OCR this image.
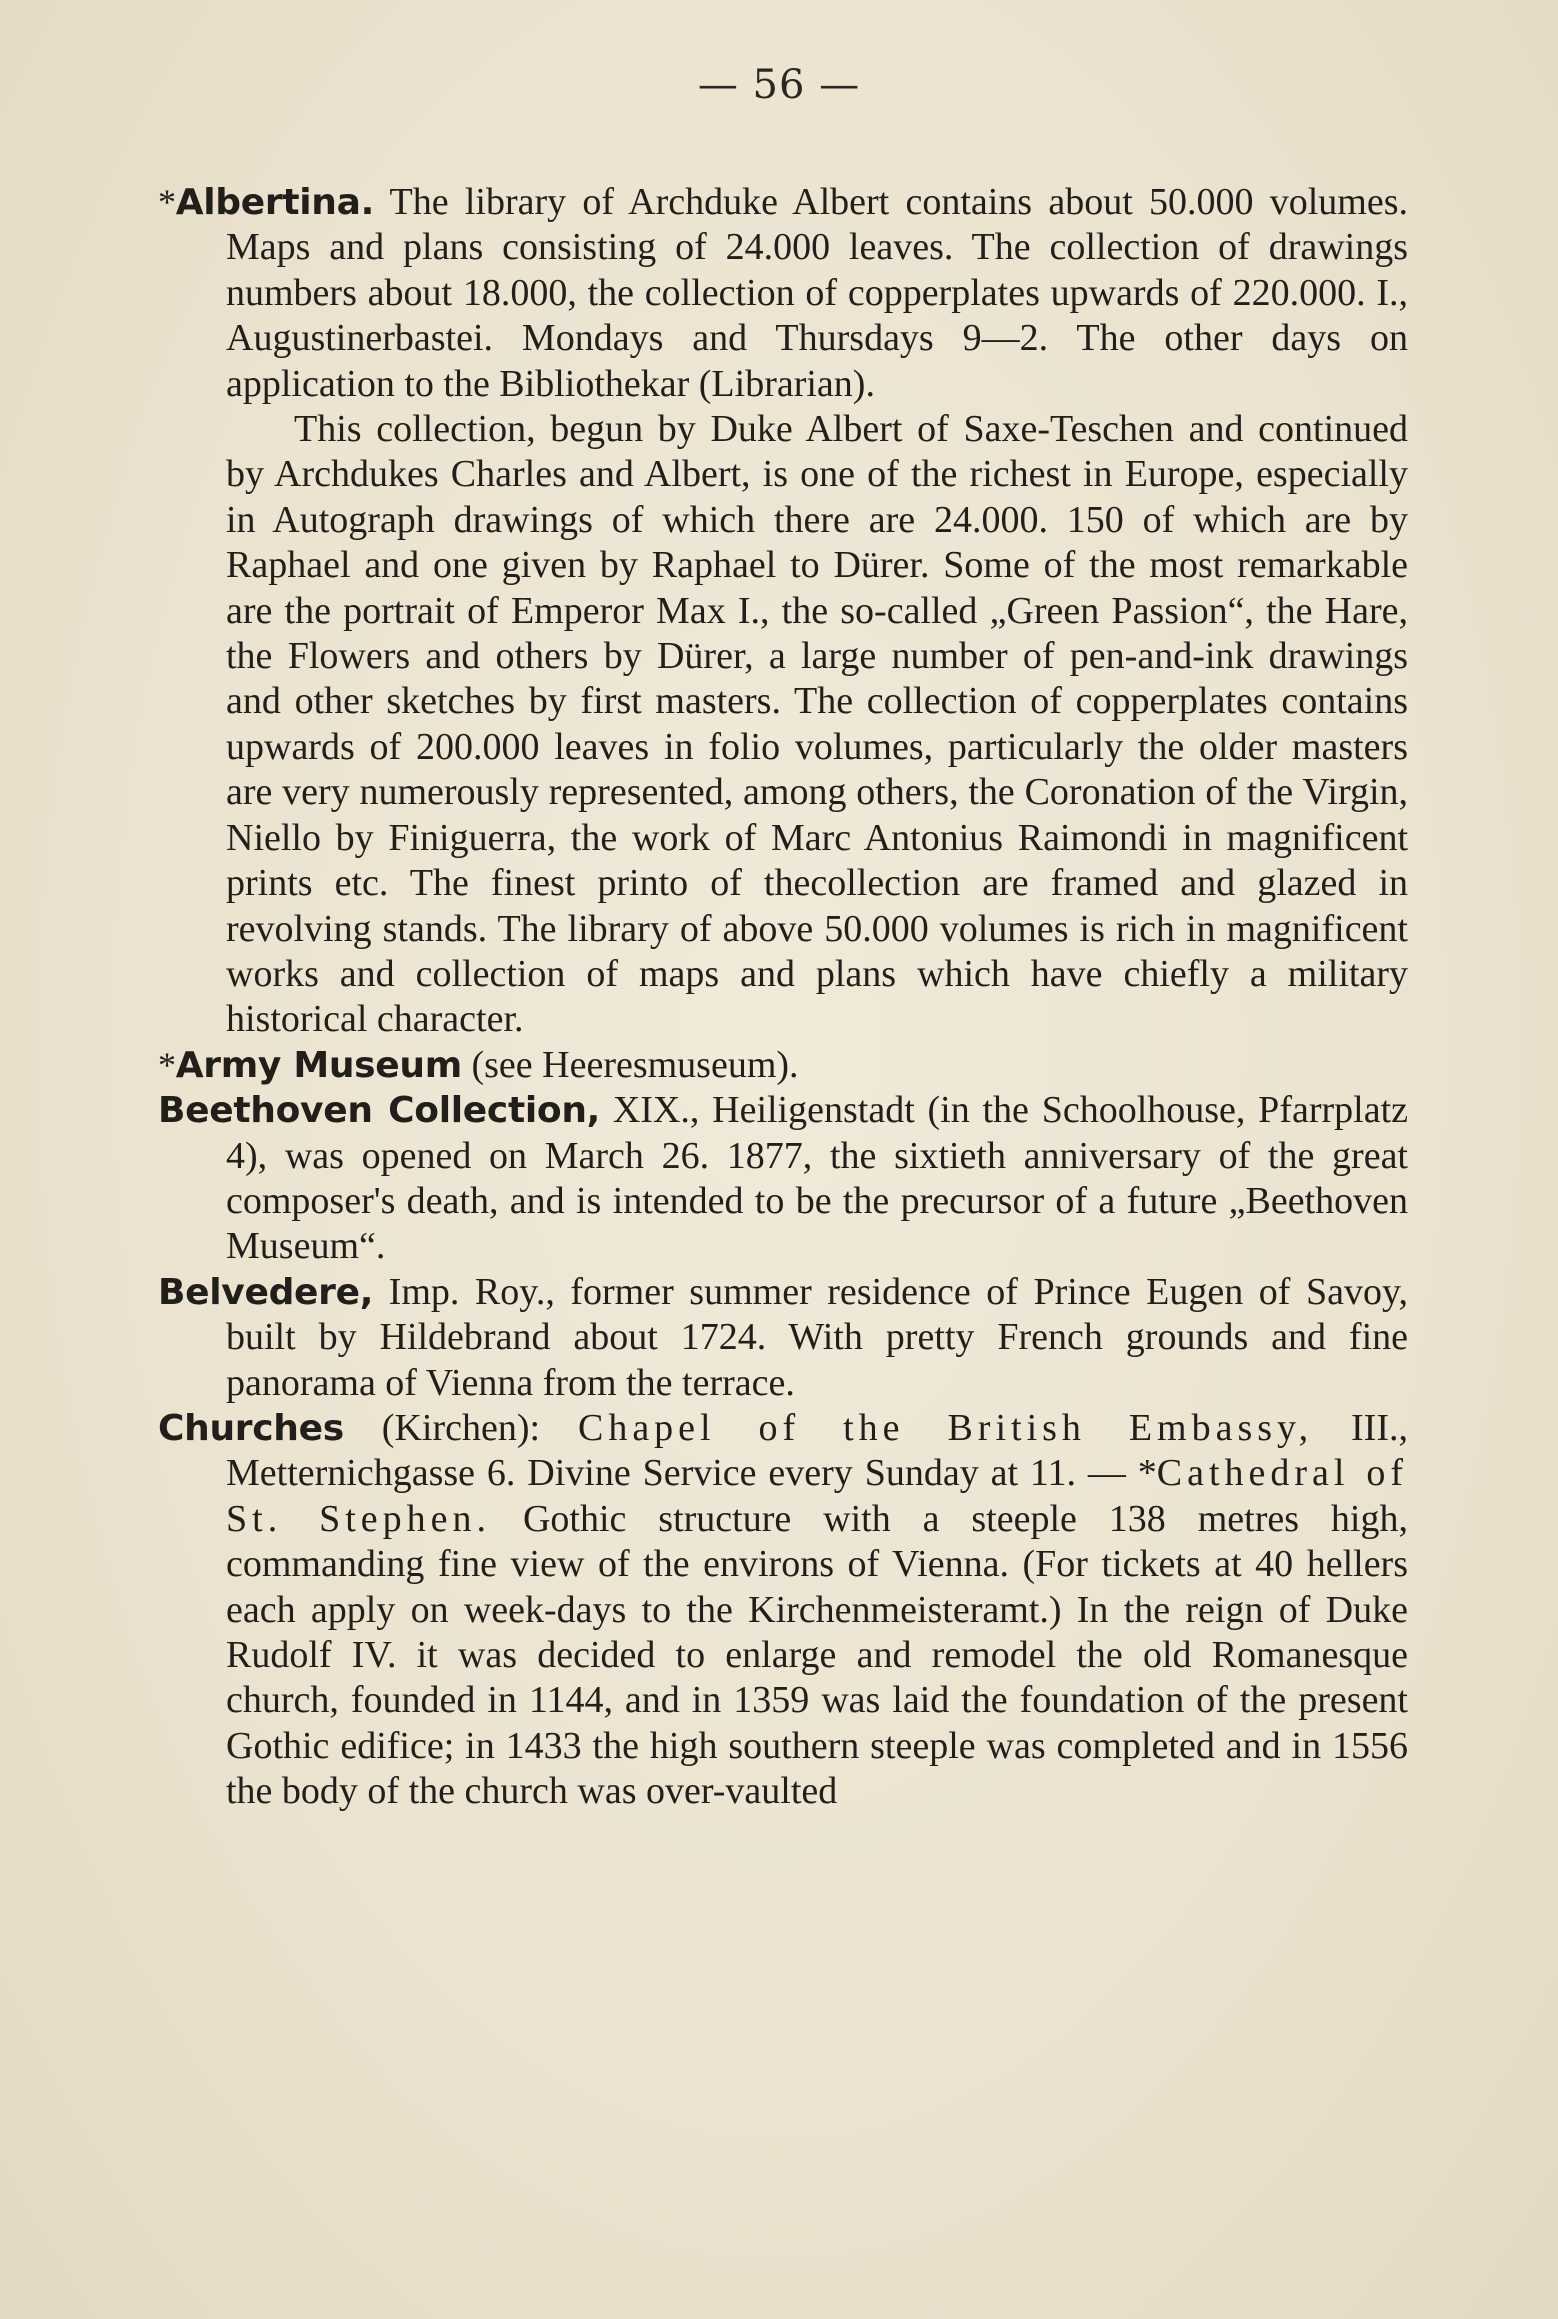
— 56 —

*Albertina. The library of Archduke Albert contains about 50.000 volumes. Maps and plans consisting of 24.000 leaves. The collection of drawings numbers about 18.000, the collection of copperplates upwards of 220.000. I., Augustinerbastei. Mondays and Thursdays 9—2. The other days on application to the Bibliothekar (Librarian).

This collection, begun by Duke Albert of Saxe-Teschen and continued by Archdukes Charles and Albert, is one of the richest in Europe, especially in Autograph drawings of which there are 24.000. 150 of which are by Raphael and one given by Raphael to Dürer. Some of the most remarkable are the portrait of Emperor Max I., the so-called „Green Passion“, the Hare, the Flowers and others by Dürer, a large number of pen-and-ink drawings and other sketches by first masters. The collection of copperplates contains upwards of 200.000 leaves in folio volumes, particularly the older masters are very numerously represented, among others, the Coronation of the Virgin, Niello by Finiguerra, the work of Marc Antonius Raimondi in magnificent prints etc. The finest printo of thecollection are framed and glazed in revolving stands. The library of above 50.000 volumes is rich in magnificent works and collection of maps and plans which have chiefly a military historical character.

*Army Museum (see Heeresmuseum).

Beethoven Collection, XIX., Heiligenstadt (in the Schoolhouse, Pfarrplatz 4), was opened on March 26. 1877, the sixtieth anniversary of the great composer's death, and is intended to be the precursor of a future „Beethoven Museum“.

Belvedere, Imp. Roy., former summer residence of Prince Eugen of Savoy, built by Hildebrand about 1724. With pretty French grounds and fine panorama of Vienna from the terrace.

Churches (Kirchen): Chapel of the British Embassy, III., Metternichgasse 6. Divine Service every Sunday at 11. — *Cathedral of St. Stephen. Gothic structure with a steeple 138 metres high, commanding fine view of the environs of Vienna. (For tickets at 40 hellers each apply on week-days to the Kirchenmeisteramt.) In the reign of Duke Rudolf IV. it was decided to enlarge and remodel the old Romanesque church, founded in 1144, and in 1359 was laid the foundation of the present Gothic edifice; in 1433 the high southern steeple was completed and in 1556 the body of the church was over-vaulted
